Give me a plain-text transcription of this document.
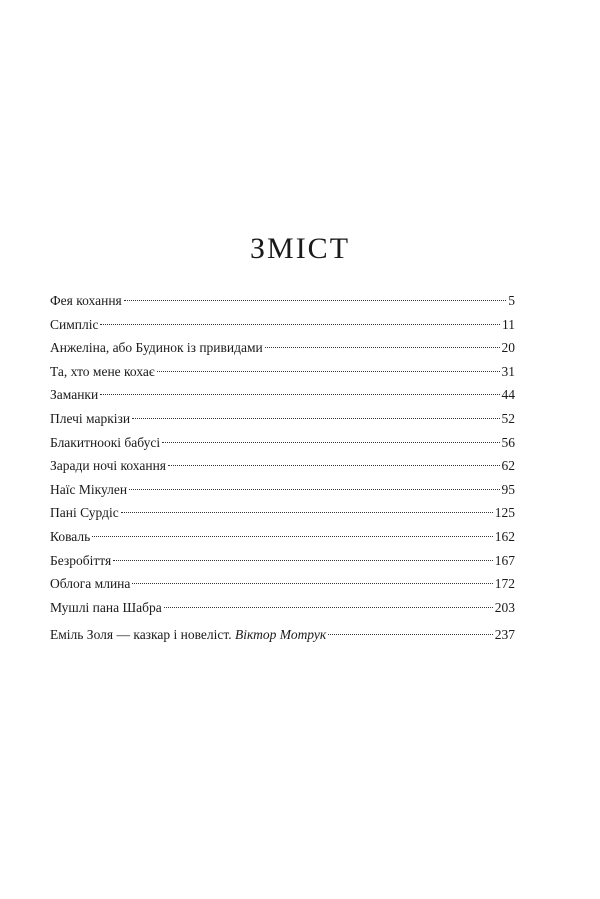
ЗМІСТ
Фея кохання	5
Симпліс	11
Анжеліна, або Будинок із привидами	20
Та, хто мене кохає	31
Заманки	44
Плечі маркізи	52
Блакитноокі бабусі	56
Заради ночі кохання	62
Наїс Мікулен	95
Пані Сурдіс	125
Коваль	162
Безробіття	167
Облога млина	172
Мушлі пана Шабра	203
Еміль Золя — казкар і новеліст. Віктор Мотрук	237
